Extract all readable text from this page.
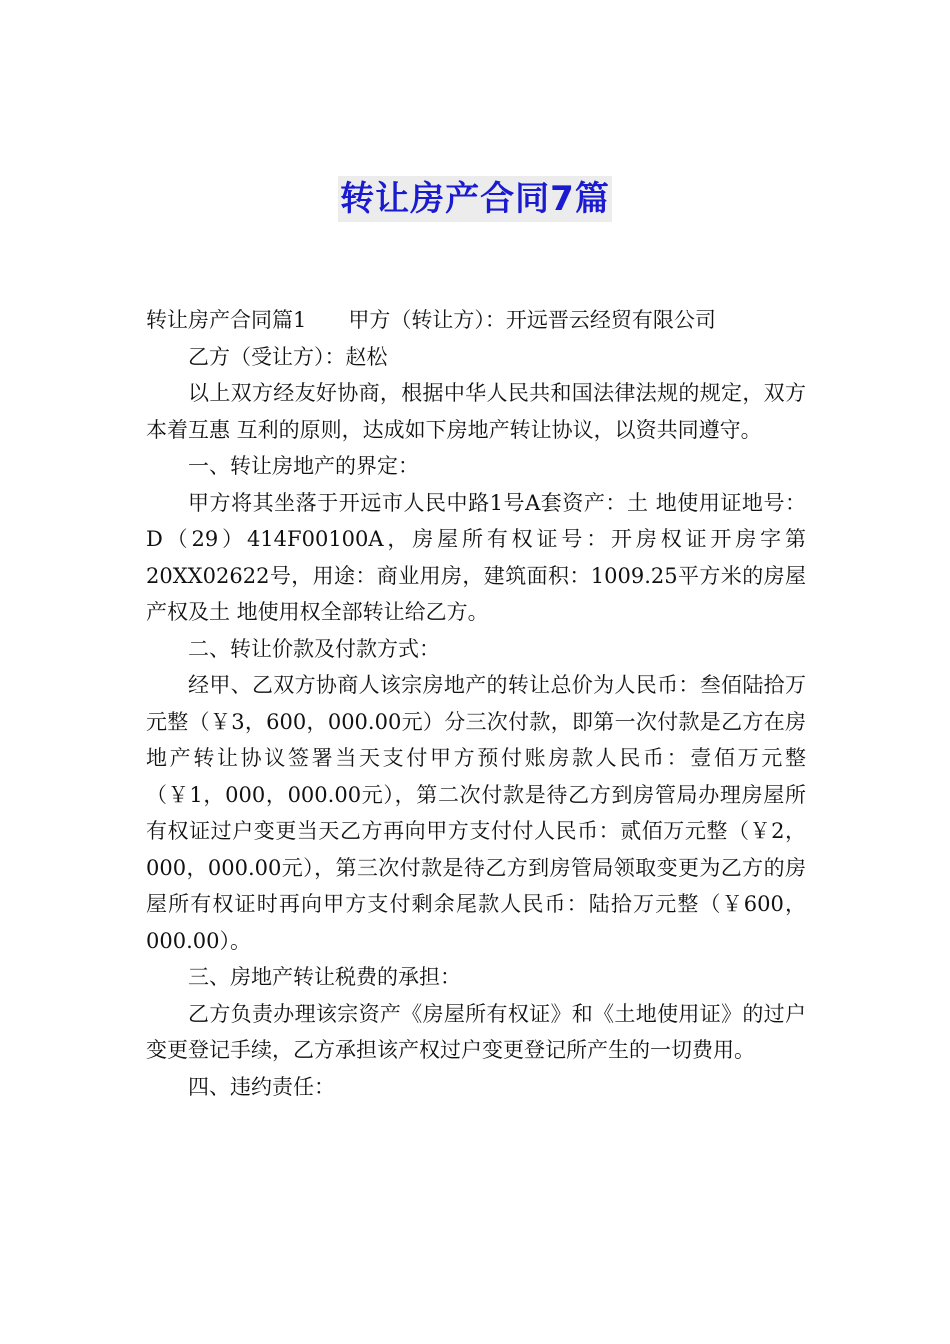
转让房产合同7篇

转让房产合同篇1 甲方（转让方）：开远晋云经贸有限公司

乙方（受让方）：赵松

以上双方经友好协商，根据中华人民共和国法律法规的规定，双方本着互惠 互利的原则，达成如下房地产转让协议，以资共同遵守。

一、转让房地产的界定：

甲方将其坐落于开远市人民中路1号A套资产：土 地使用证地号：D（29）414F00100A，房屋所有权证号：开房权证开房字第20XX02622号，用途：商业用房，建筑面积：1009.25平方米的房屋产权及土 地使用权全部转让给乙方。

二、转让价款及付款方式：

经甲、乙双方协商人该宗房地产的转让总价为人民币：叁佰陆拾万元整（￥3，600，000.00元）分三次付款，即第一次付款是乙方在房地产转让协议签署当天支付甲方预付账房款人民币：壹佰万元整（￥1，000，000.00元），第二次付款是待乙方到房管局办理房屋所有权证过户变更当天乙方再向甲方支付付人民币：贰佰万元整（￥2，000，000.00元），第三次付款是待乙方到房管局领取变更为乙方的房屋所有权证时再向甲方支付剩余尾款人民币：陆拾万元整（￥600，000.00）。

三、房地产转让税费的承担：

乙方负责办理该宗资产《房屋所有权证》和《土地使用证》的过户变更登记手续，乙方承担该产权过户变更登记所产生的一切费用。

四、违约责任：
